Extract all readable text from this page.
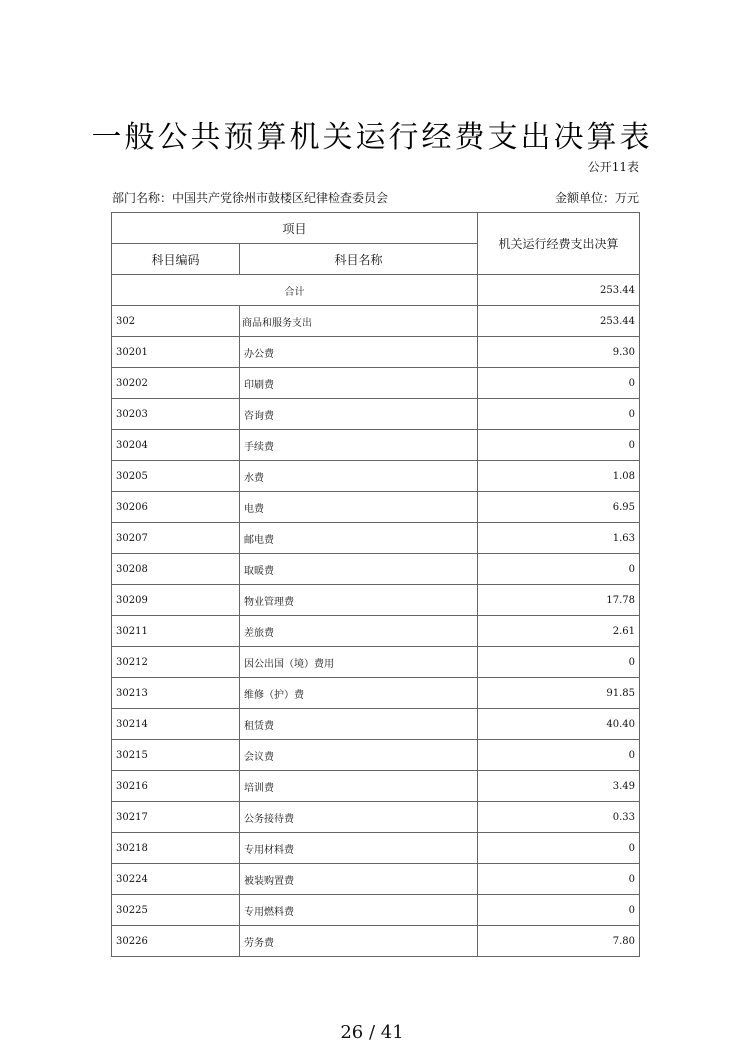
一般公共预算机关运行经费支出决算表
公开11表
部门名称：中国共产党徐州市鼓楼区纪律检查委员会	金额单位：万元
项目		机关运行经费支出决算
科目编码	科目名称	
合计		253.44
302	商品和服务支出	253.44
30201	办公费	9.30
30202	印刷费	0
30203	咨询费	0
30204	手续费	0
30205	水费	1.08
30206	电费	6.95
30207	邮电费	1.63
30208	取暖费	0
30209	物业管理费	17.78
30211	差旅费	2.61
30212	因公出国（境）费用	0
30213	维修（护）费	91.85
30214	租赁费	40.40
30215	会议费	0
30216	培训费	3.49
30217	公务接待费	0.33
30218	专用材料费	0
30224	被装购置费	0
30225	专用燃料费	0
30226	劳务费	7.80
26 / 41
